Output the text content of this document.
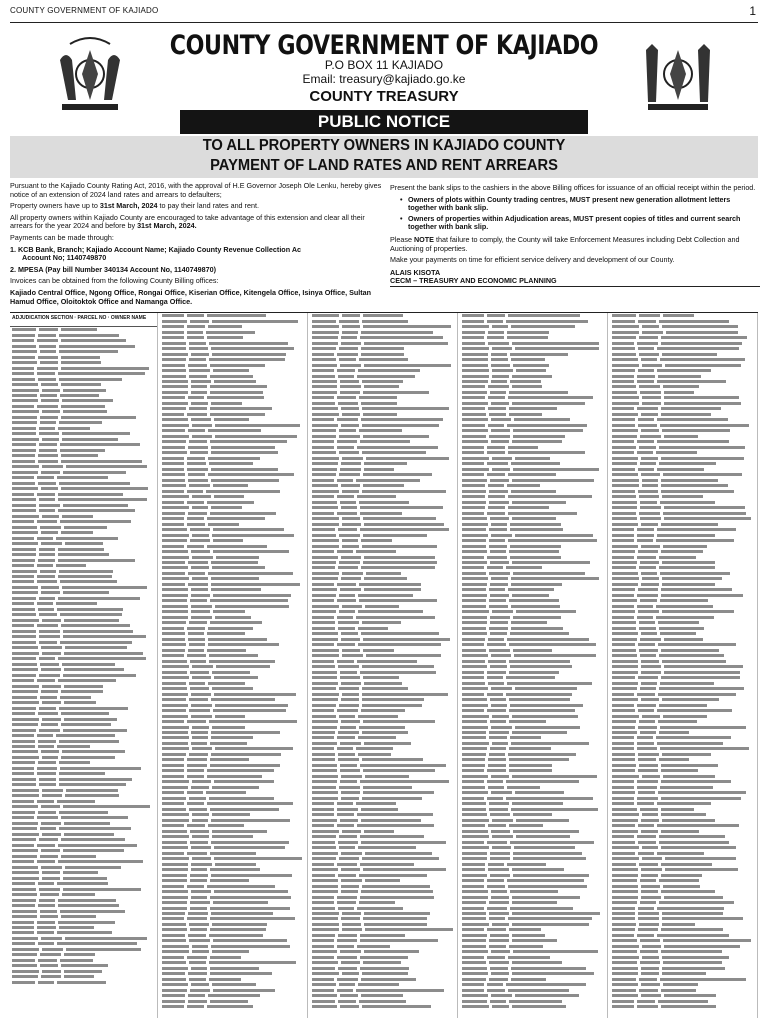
COUNTY GOVERNMENT OF KAJIADO	1
COUNTY GOVERNMENT OF KAJIADO
P.O BOX 11 KAJIADO
Email: treasury@kajiado.go.ke
COUNTY TREASURY
PUBLIC NOTICE
TO ALL PROPERTY OWNERS IN KAJIADO COUNTY
PAYMENT OF LAND RATES AND RENT ARREARS

Pursuant to the Kajiado County Rating Act, 2016, with the approval of H.E Governor Joseph Ole Lenku, hereby gives notice of an extension of 2024 land rates and arrears to defaulters;

Property owners have up to 31st March, 2024 to pay their land rates and rent.

All property owners within Kajiado County are encouraged to take advantage of this extension and clear all their arrears for the year 2024 and before by 31st March, 2024.

Payments can be made through:

1. KCB Bank, Branch; Kajiado Account Name; Kajiado County Revenue Collection Ac
Account No; 1140749870

2. MPESA (Pay bill Number 340134 Account No, 1140749870)

Invoices can be obtained from the following County Billing offices:

Kajiado Central Office, Ngong Office, Rongai Office, Kiserian Office, Kitengela Office, Isinya Office, Sultan Hamud Office, Oloitoktok Office and Namanga Office.

Present the bank slips to the cashiers in the above Billing offices for issuance of an official receipt within the period.

• Owners of plots within County trading centres, MUST present new generation allotment letters together with bank slip.
• Owners of properties within Adjudication areas, MUST present copies of titles and current search together with bank slip.

Please NOTE that failure to comply, the County will take Enforcement Measures including Debt Collection and Auctioning of properties.

Make your payments on time for efficient service delivery and development of our County.

ALAIS KISOTA
CECM – TREASURY AND ECONOMIC PLANNING
ADJUDICATION SECTION · PARCEL NO · OWNER NAME
